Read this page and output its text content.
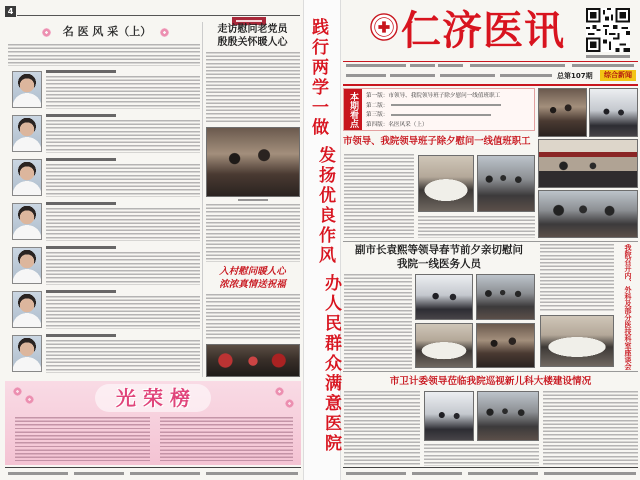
4
名 医 风 采（上）	走访慰问老党员
殷殷关怀暖人心
入村慰问暖人心
浓浓真情送祝福
光 荣 榜
践行两学一做
发扬优良作风
办人民群众满意医院
仁济医讯
总第107期	综合新闻
本期看点	第一版：市领导、我院领导班子除夕慰问一线值班职工
第二版：
第三版：
第四版：名医风采（上）
市领导、我院领导班子除夕慰问一线值班职工
副市长袁熙等领导春节前夕亲切慰问
我院一线医务人员	我院召开内、外科及部分医技科室座谈会
市卫计委领导莅临我院巡视新儿科大楼建设情况
